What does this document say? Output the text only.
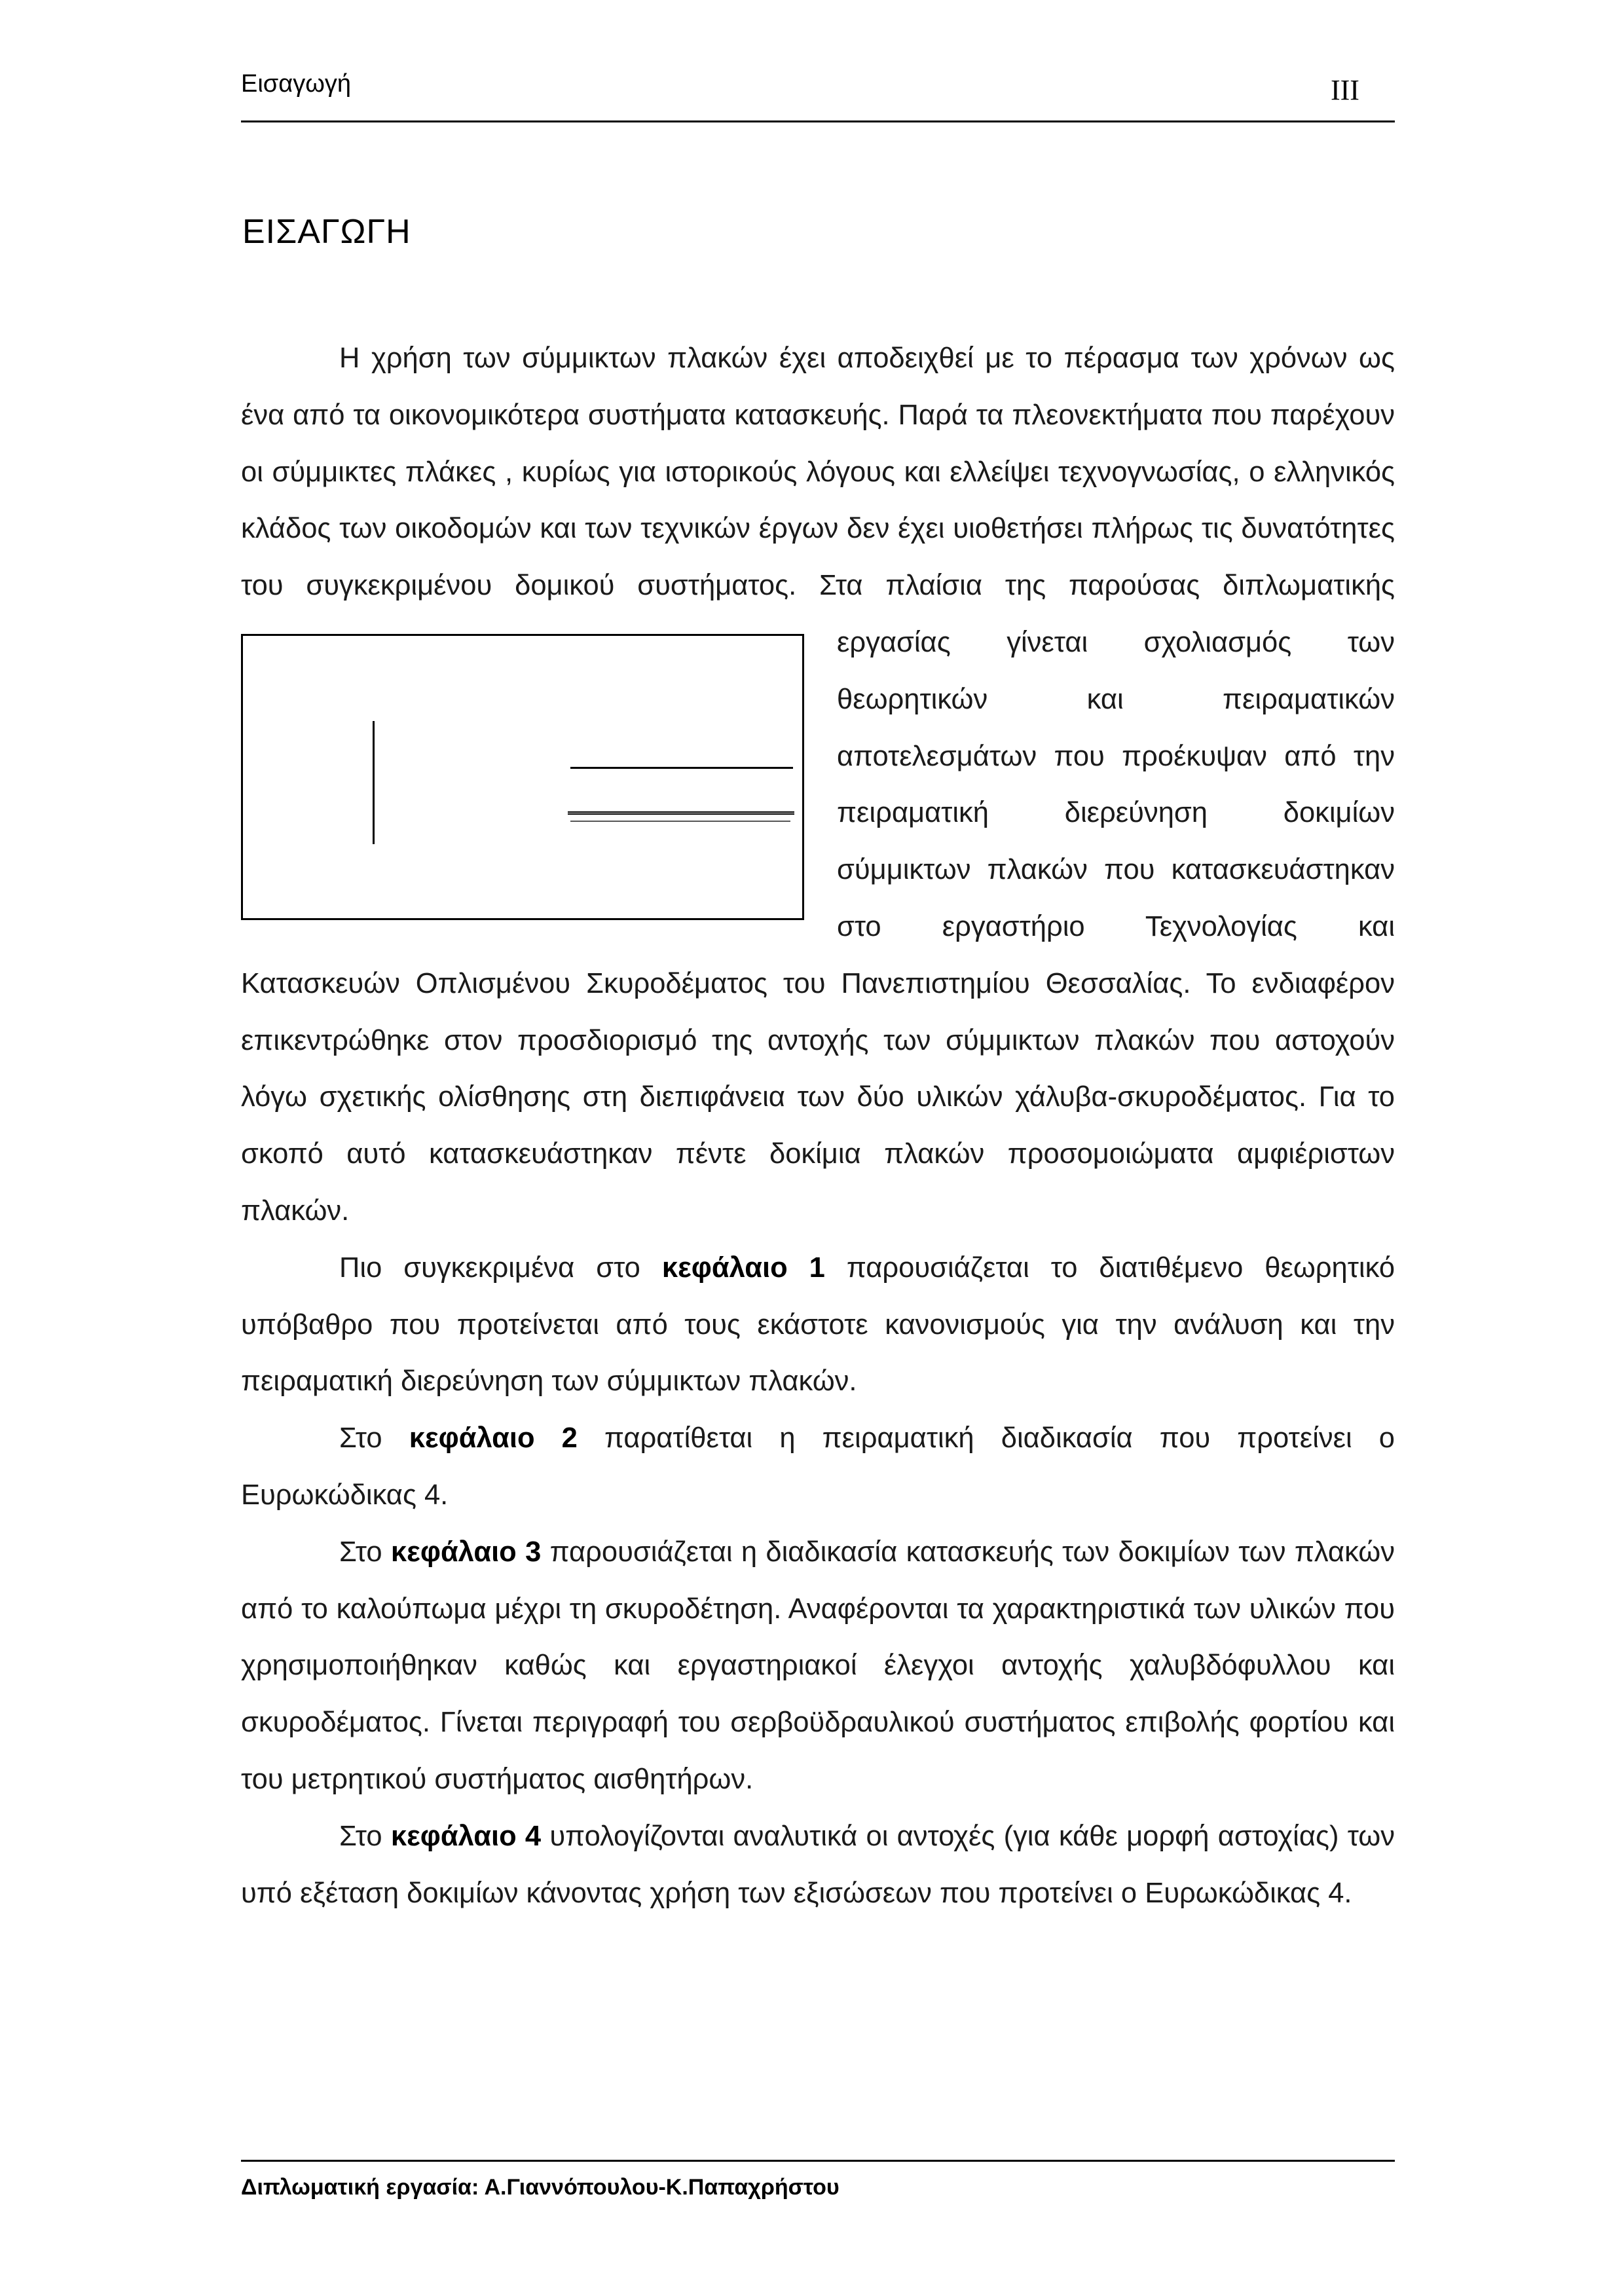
Εισαγωγή	III
ΕΙΣΑΓΩΓΗ

Η χρήση των σύμμικτων πλακών έχει αποδειχθεί με το πέρασμα των χρόνων ως ένα από τα οικονομικότερα συστήματα κατασκευής. Παρά τα πλεονεκτήματα που παρέχουν οι σύμμικτες πλάκες , κυρίως για ιστορικούς λόγους και ελλείψει τεχνογνωσίας, ο ελληνικός κλάδος των οικοδομών και των τεχνικών έργων δεν έχει υιοθετήσει πλήρως τις δυνατότητες του συγκεκριμένου δομικού συστήματος. Στα πλαίσια της παρούσας διπλωματικής εργασίας γίνεται σχολιασμός των θεωρητικών και πειραματικών αποτελεσμάτων που προέκυψαν από την πειραματική διερεύνηση δοκιμίων σύμμικτων πλακών που κατασκευάστηκαν στο εργαστήριο Τεχνολογίας και Κατασκευών Οπλισμένου Σκυροδέματος του Πανεπιστημίου Θεσσαλίας. Το ενδιαφέρον επικεντρώθηκε στον προσδιορισμό της αντοχής των σύμμικτων πλακών που αστοχούν λόγω σχετικής ολίσθησης στη διεπιφάνεια των δύο υλικών χάλυβα-σκυροδέματος. Για το σκοπό αυτό κατασκευάστηκαν πέντε δοκίμια πλακών προσομοιώματα αμφιέριστων πλακών.

Πιο συγκεκριμένα στο κεφάλαιο 1 παρουσιάζεται το διατιθέμενο θεωρητικό υπόβαθρο που προτείνεται από τους εκάστοτε κανονισμούς για την ανάλυση και την πειραματική διερεύνηση των σύμμικτων πλακών.

Στο κεφάλαιο 2 παρατίθεται η πειραματική διαδικασία που προτείνει ο Ευρωκώδικας 4.

Στο κεφάλαιο 3 παρουσιάζεται η διαδικασία κατασκευής των δοκιμίων των πλακών από το καλούπωμα μέχρι τη σκυροδέτηση. Αναφέρονται τα χαρακτηριστικά των υλικών που χρησιμοποιήθηκαν καθώς και εργαστηριακοί έλεγχοι αντοχής χαλυβδόφυλλου και σκυροδέματος. Γίνεται περιγραφή του σερβοϋδραυλικού συστήματος επιβολής φορτίου και του μετρητικού συστήματος αισθητήρων.

Στο κεφάλαιο 4 υπολογίζονται αναλυτικά οι αντοχές (για κάθε μορφή αστοχίας) των υπό εξέταση δοκιμίων κάνοντας χρήση των εξισώσεων που προτείνει ο Ευρωκώδικας 4.

Διπλωματική εργασία: Α.Γιαννόπουλου-Κ.Παπαχρήστου
